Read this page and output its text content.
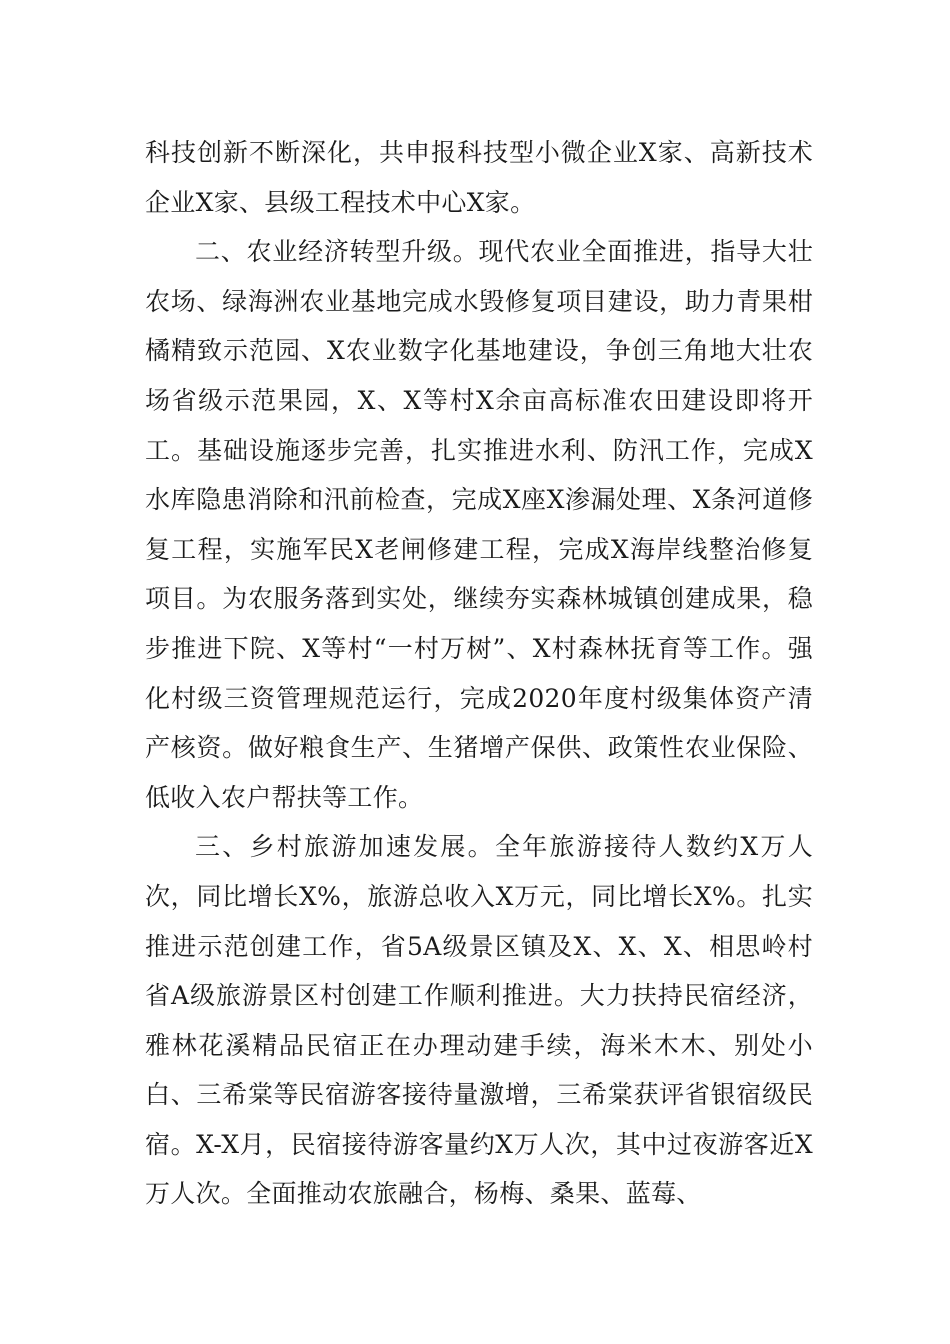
科技创新不断深化，共申报科技型小微企业X家、高新技术企业X家、县级工程技术中心X家。

二、农业经济转型升级。现代农业全面推进，指导大壮农场、绿海洲农业基地完成水毁修复项目建设，助力青果柑橘精致示范园、X农业数字化基地建设，争创三角地大壮农场省级示范果园，X、X等村X余亩高标准农田建设即将开工。基础设施逐步完善，扎实推进水利、防汛工作，完成X水库隐患消除和汛前检查，完成X座X渗漏处理、X条河道修复工程，实施军民X老闸修建工程，完成X海岸线整治修复项目。为农服务落到实处，继续夯实森林城镇创建成果，稳步推进下院、X等村“一村万树”、X村森林抚育等工作。强化村级三资管理规范运行，完成2020年度村级集体资产清产核资。做好粮食生产、生猪增产保供、政策性农业保险、低收入农户帮扶等工作。

三、乡村旅游加速发展。全年旅游接待人数约X万人次，同比增长X%，旅游总收入X万元，同比增长X%。扎实推进示范创建工作，省5A级景区镇及X、X、X、相思岭村省A级旅游景区村创建工作顺利推进。大力扶持民宿经济，雅林花溪精品民宿正在办理动建手续，海米木木、别处小白、三希棠等民宿游客接待量激增，三希棠获评省银宿级民宿。X-X月，民宿接待游客量约X万人次，其中过夜游客近X万人次。全面推动农旅融合，杨梅、桑果、蓝莓、
